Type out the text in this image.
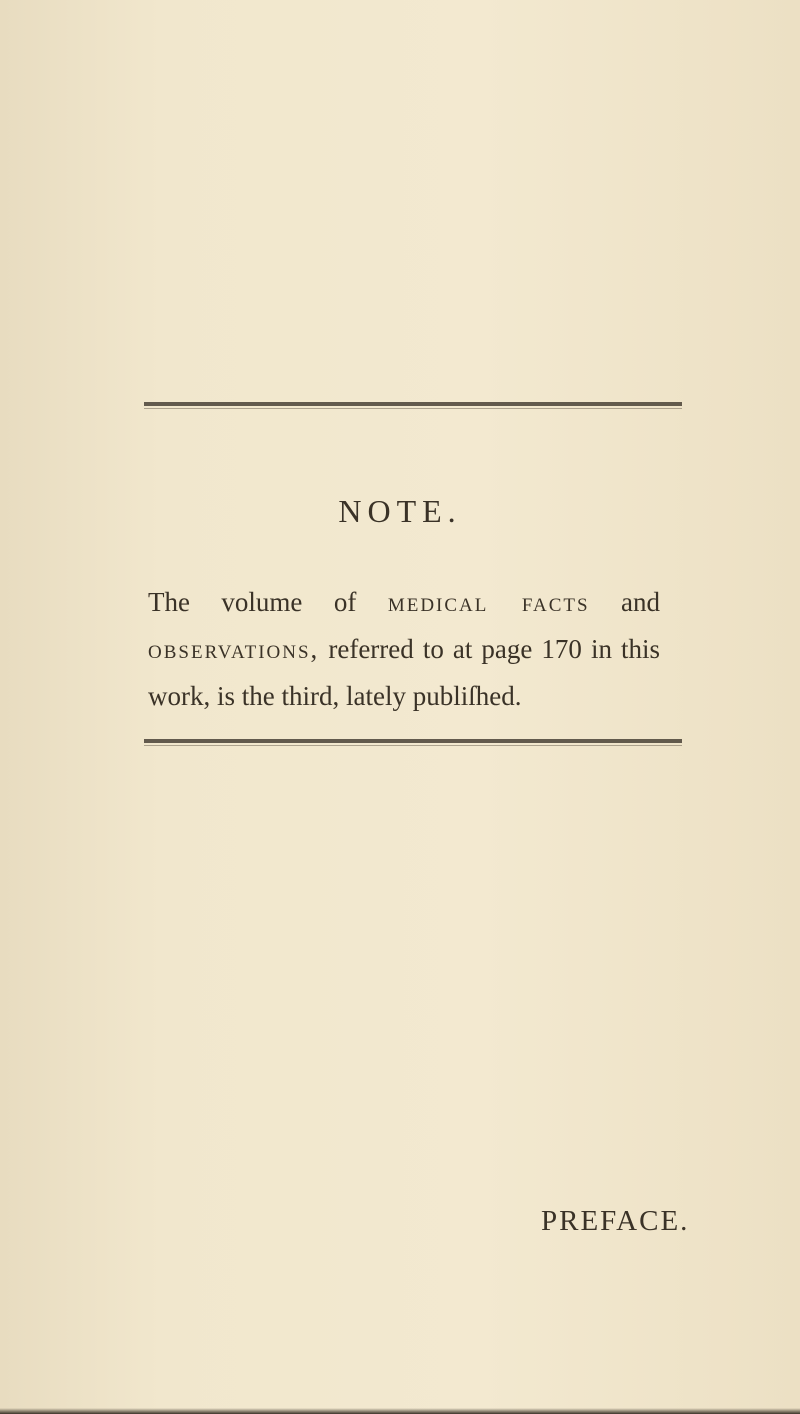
NOTE.

The volume of medical facts and observations, referred to at page 170 in this work, is the third, lately publiſhed.

PREFACE.
